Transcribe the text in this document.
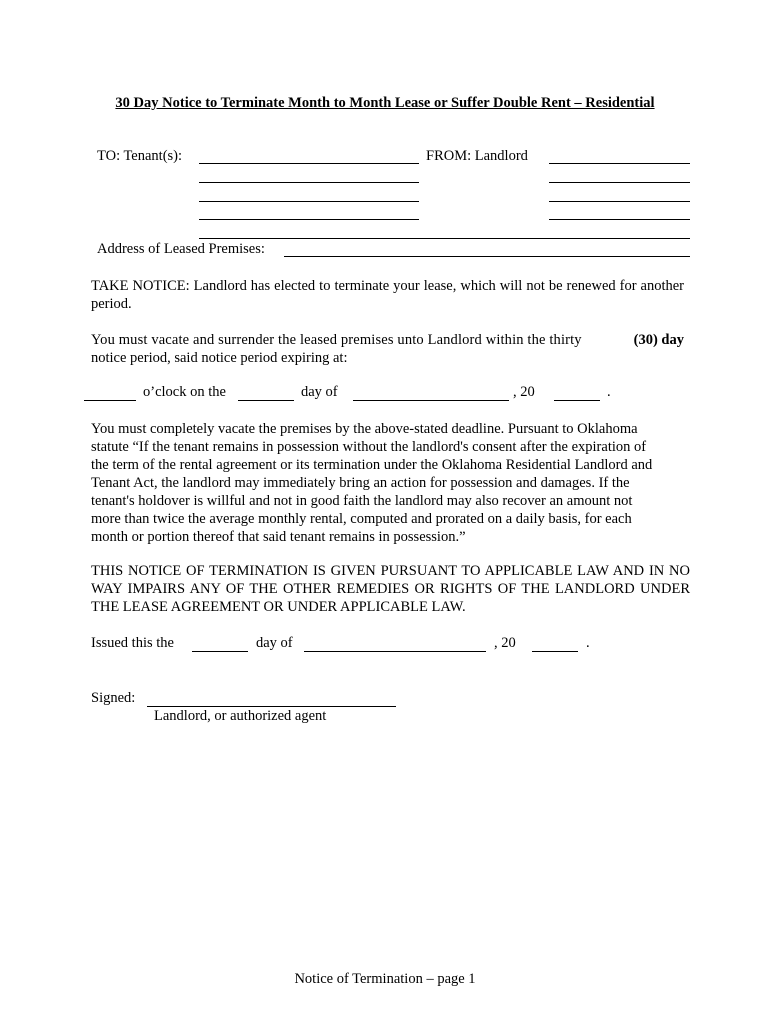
30 Day Notice to Terminate Month to Month Lease or Suffer Double Rent – Residential
TO: Tenant(s):	FROM: Landlord
Address of Leased Premises:
TAKE NOTICE: Landlord has elected to terminate your lease, which will not be renewed for another period.
You must vacate and surrender the leased premises unto Landlord within the thirty	(30) day
notice period, said notice period expiring at:
o’clock on the	day of	, 20	.
You must completely vacate the premises by the above-stated deadline. Pursuant to Oklahoma
statute “If the tenant remains in possession without the landlord's consent after the expiration of
the term of the rental agreement or its termination under the Oklahoma Residential Landlord and
Tenant Act, the landlord may immediately bring an action for possession and damages. If the
tenant's holdover is willful and not in good faith the landlord may also recover an amount not
more than twice the average monthly rental, computed and prorated on a daily basis, for each
month or portion thereof that said tenant remains in possession.”
THIS NOTICE OF TERMINATION IS GIVEN PURSUANT TO APPLICABLE LAW AND IN NO WAY IMPAIRS ANY OF THE OTHER REMEDIES OR RIGHTS OF THE LANDLORD UNDER THE LEASE AGREEMENT OR UNDER APPLICABLE LAW.
Issued this the	day of	, 20	.
Signed:
Landlord, or authorized agent
Notice of Termination – page 1
